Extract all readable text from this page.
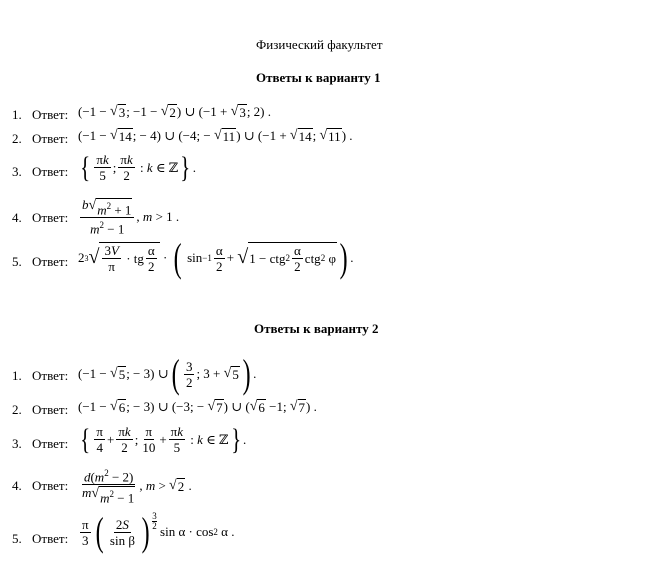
Физический факультет
Ответы к варианту 1
1. Ответ: (−1 − √ 3 ; −1 − √ 2 ) ∪ (−1 + √ 3 ; 2) .
2. Ответ: (−1 − √ 14 ; − 4) ∪ (−4; − √ 11 ) ∪ (−1 + √ 14 ; √ 11 ) .
3. Ответ: { $\frac{\pi k}{5}$ ; $\frac{\pi k}{2}$ : k ∈ ℤ } .
4. Ответ: $\frac{b √ m^2 + 1}{m^2 - 1}$ , m > 1 .
5. Ответ: 2 3 √ $\frac{3V}{\pi}$ · tg $\frac{\alpha}{2}$ · ( $\sin -1 \frac{\alpha}{2}$ + √ 1 − ctg $2 \frac{\alpha}{2}$ ctg 2 φ ) .
Ответы к варианту 2
1. Ответ: (−1 − √ 5 ; − 3) ∪ ( $\frac{3}{2}$ ; 3 + √ 5 ) .
2. Ответ: (−1 − √ 6 ; − 3) ∪ (−3; − √ 7 ) ∪ ( √ 6 −1; √ 7 ) .
3. Ответ: { $\frac{\pi}{4} + \frac{\pi k}{2}$ ; $\frac{\pi}{10} + \frac{\pi k}{5}$ : k ∈ ℤ } .
4. Ответ: $\frac{d(m^2 - 2)}{m √ m^2 - 1}$ , m > √ 2 .
5. Ответ: $\frac{\pi}{3}$ ( $\frac{2S}{\text{sin β}}$ ) 3
2 $\sin \alpha \cdot \cos_2 \alpha$ .
